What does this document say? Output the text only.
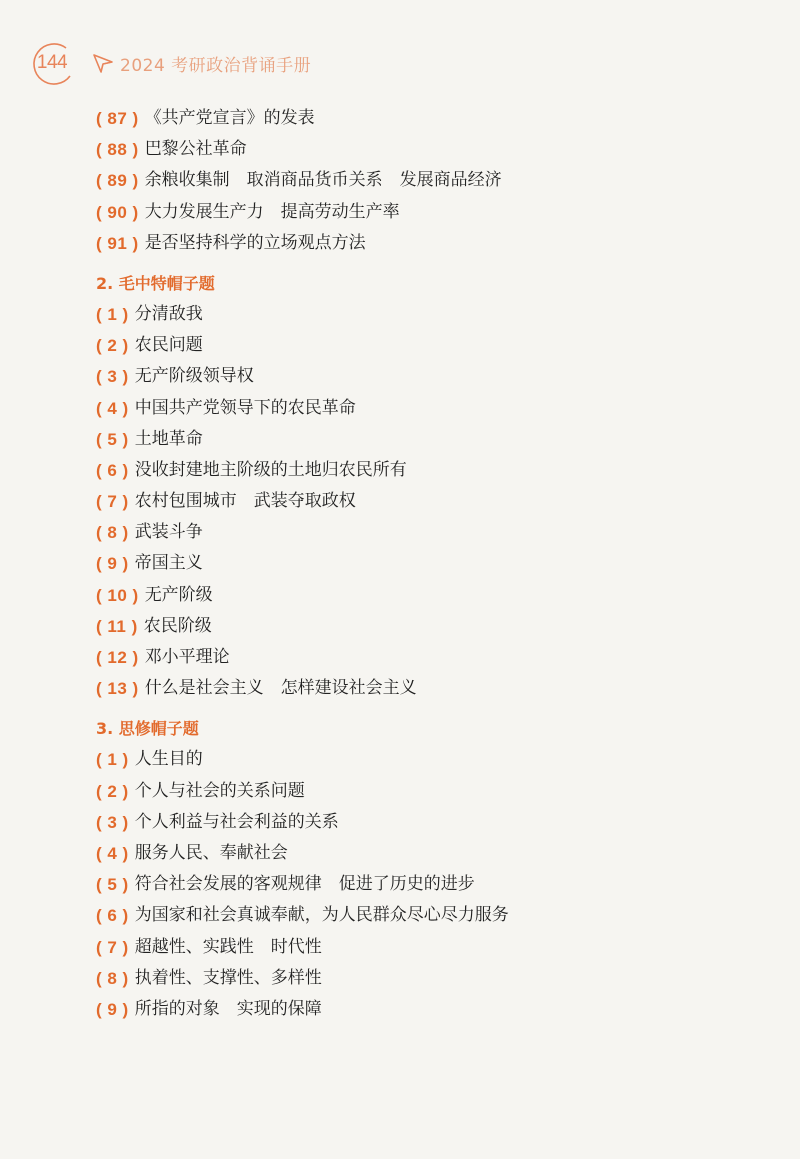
144	2024 考研政治背诵手册
( 87 ) 《共产党宣言》的发表
( 88 ) 巴黎公社革命
( 89 ) 余粮收集制　取消商品货币关系　发展商品经济
( 90 ) 大力发展生产力　提高劳动生产率
( 91 ) 是否坚持科学的立场观点方法
2. 毛中特帽子题
( 1 ) 分清敌我
( 2 ) 农民问题
( 3 ) 无产阶级领导权
( 4 ) 中国共产党领导下的农民革命
( 5 ) 土地革命
( 6 ) 没收封建地主阶级的土地归农民所有
( 7 ) 农村包围城市　武装夺取政权
( 8 ) 武装斗争
( 9 ) 帝国主义
( 10 ) 无产阶级
( 11 ) 农民阶级
( 12 ) 邓小平理论
( 13 ) 什么是社会主义　怎样建设社会主义
3. 思修帽子题
( 1 ) 人生目的
( 2 ) 个人与社会的关系问题
( 3 ) 个人利益与社会利益的关系
( 4 ) 服务人民、奉献社会
( 5 ) 符合社会发展的客观规律　促进了历史的进步
( 6 ) 为国家和社会真诚奉献，为人民群众尽心尽力服务
( 7 ) 超越性、实践性　时代性
( 8 ) 执着性、支撑性、多样性
( 9 ) 所指的对象　实现的保障
